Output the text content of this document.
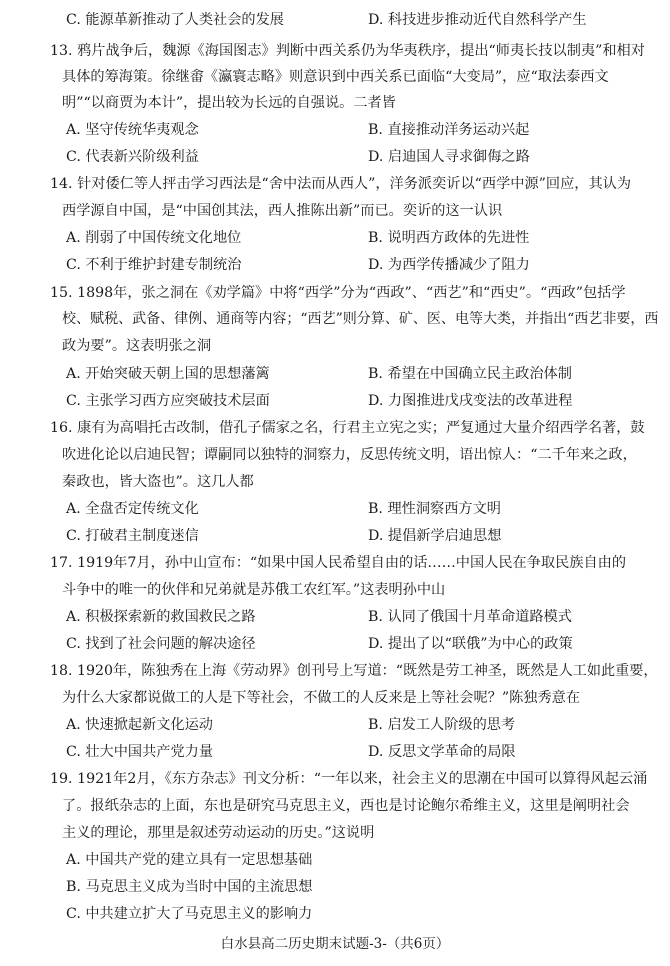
C. 能源革新推动了人类社会的发展	D. 科技进步推动近代自然科学产生
13. 鸦片战争后，魏源《海国图志》判断中西关系仍为华夷秩序，提出“师夷长技以制夷”和相对
具体的筹海策。徐继畬《瀛寰志略》则意识到中西关系已面临“大变局”，应“取法泰西文
明”“以商贾为本计”，提出较为长远的自强说。二者皆
A. 坚守传统华夷观念	B. 直接推动洋务运动兴起
C. 代表新兴阶级利益	D. 启迪国人寻求御侮之路
14. 针对倭仁等人抨击学习西法是“舍中法而从西人”，洋务派奕䜣以“西学中源”回应，其认为
西学源自中国，是“中国创其法，西人推陈出新”而已。奕䜣的这一认识
A. 削弱了中国传统文化地位	B. 说明西方政体的先进性
C. 不利于维护封建专制统治	D. 为西学传播减少了阻力
15. 1898年，张之洞在《劝学篇》中将“西学”分为“西政”、“西艺”和“西史”。“西政”包括学
校、赋税、武备、律例、通商等内容；“西艺”则分算、矿、医、电等大类，并指出“西艺非要，西
政为要”。这表明张之洞
A. 开始突破天朝上国的思想藩篱	B. 希望在中国确立民主政治体制
C. 主张学习西方应突破技术层面	D. 力图推进戊戌变法的改革进程
16. 康有为高唱托古改制，借孔子儒家之名，行君主立宪之实；严复通过大量介绍西学名著，鼓
吹进化论以启迪民智；谭嗣同以独特的洞察力，反思传统文明，语出惊人：“二千年来之政，
秦政也，皆大盗也”。这几人都
A. 全盘否定传统文化	B. 理性洞察西方文明
C. 打破君主制度迷信	D. 提倡新学启迪思想
17. 1919年7月，孙中山宣布：“如果中国人民希望自由的话……中国人民在争取民族自由的
斗争中的唯一的伙伴和兄弟就是苏俄工农红军。”这表明孙中山
A. 积极探索新的救国救民之路	B. 认同了俄国十月革命道路模式
C. 找到了社会问题的解决途径	D. 提出了以“联俄”为中心的政策
18. 1920年，陈独秀在上海《劳动界》创刊号上写道：“既然是劳工神圣，既然是人工如此重要，
为什么大家都说做工的人是下等社会，不做工的人反来是上等社会呢？”陈独秀意在
A. 快速掀起新文化运动	B. 启发工人阶级的思考
C. 壮大中国共产党力量	D. 反思文学革命的局限
19. 1921年2月，《东方杂志》刊文分析：“一年以来，社会主义的思潮在中国可以算得风起云涌
了。报纸杂志的上面，东也是研究马克思主义，西也是讨论鲍尔希维主义，这里是阐明社会
主义的理论，那里是叙述劳动运动的历史。”这说明
A. 中国共产党的建立具有一定思想基础
B. 马克思主义成为当时中国的主流思想
C. 中共建立扩大了马克思主义的影响力
白水县高二历史期末试题-3-（共6页）
